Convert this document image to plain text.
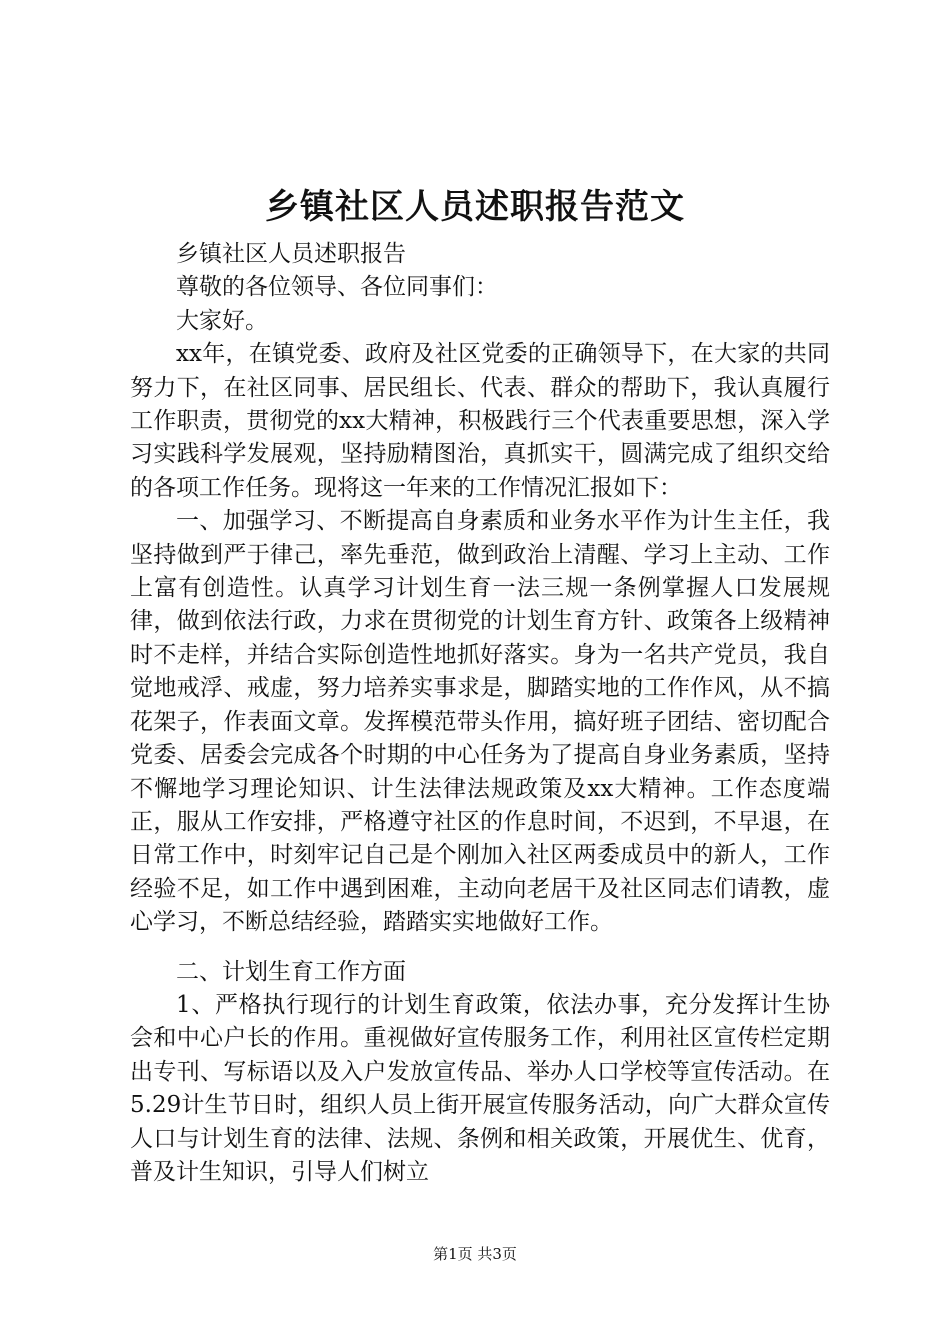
乡镇社区人员述职报告范文

乡镇社区人员述职报告

尊敬的各位领导、各位同事们：

大家好。

xx年，在镇党委、政府及社区党委的正确领导下，在大家的共同努力下，在社区同事、居民组长、代表、群众的帮助下，我认真履行工作职责，贯彻党的xx大精神，积极践行三个代表重要思想，深入学习实践科学发展观，坚持励精图治，真抓实干，圆满完成了组织交给的各项工作任务。现将这一年来的工作情况汇报如下：

一、加强学习、不断提高自身素质和业务水平作为计生主任，我坚持做到严于律己，率先垂范，做到政治上清醒、学习上主动、工作上富有创造性。认真学习计划生育一法三规一条例掌握人口发展规律，做到依法行政，力求在贯彻党的计划生育方针、政策各上级精神时不走样，并结合实际创造性地抓好落实。身为一名共产党员，我自觉地戒浮、戒虚，努力培养实事求是，脚踏实地的工作作风，从不搞花架子，作表面文章。发挥模范带头作用，搞好班子团结、密切配合党委、居委会完成各个时期的中心任务为了提高自身业务素质，坚持不懈地学习理论知识、计生法律法规政策及xx大精神。工作态度端正，服从工作安排，严格遵守社区的作息时间，不迟到，不早退，在日常工作中，时刻牢记自己是个刚加入社区两委成员中的新人，工作经验不足，如工作中遇到困难，主动向老居干及社区同志们请教，虚心学习，不断总结经验，踏踏实实地做好工作。

二、计划生育工作方面

1、严格执行现行的计划生育政策，依法办事，充分发挥计生协会和中心户长的作用。重视做好宣传服务工作，利用社区宣传栏定期出专刊、写标语以及入户发放宣传品、举办人口学校等宣传活动。在5.29计生节日时，组织人员上街开展宣传服务活动，向广大群众宣传人口与计划生育的法律、法规、条例和相关政策，开展优生、优育，普及计生知识，引导人们树立

第1页 共3页
